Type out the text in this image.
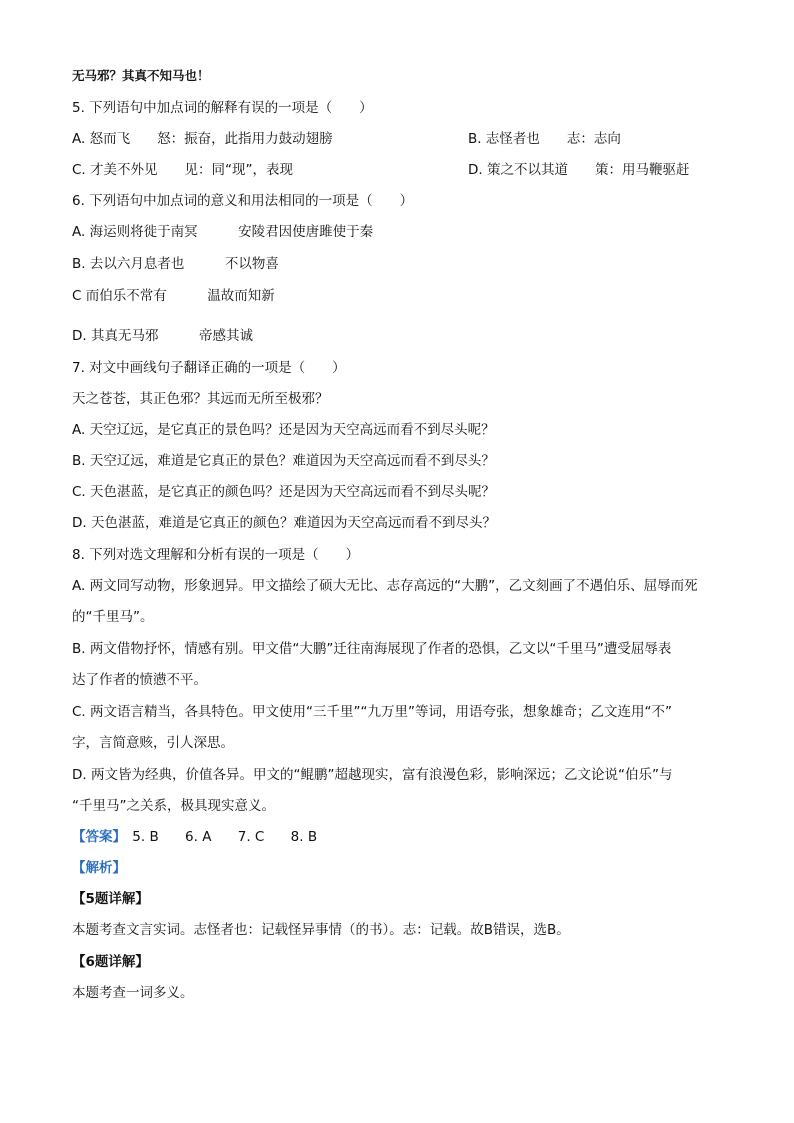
无马邪？其真不知马也！
5. 下列语句中加点词的解释有误的一项是（　　）
A. 怒而飞　　怒：振奋，此指用力鼓动翅膀	B. 志怪者也　　志：志向
C. 才美不外见　　见：同“现”，表现	D. 策之不以其道　　策：用马鞭驱赶
6. 下列语句中加点词的意义和用法相同的一项是（　　）
A. 海运则将徙于南冥　　　安陵君因使唐雎使于秦
B. 去以六月息者也　　　不以物喜
C 而伯乐不常有　　　温故而知新
D. 其真无马邪　　　帝感其诚
7. 对文中画线句子翻译正确的一项是（　　）
天之苍苍，其正色邪？其远而无所至极邪？
A. 天空辽远，是它真正的景色吗？还是因为天空高远而看不到尽头呢？
B. 天空辽远，难道是它真正的景色？难道因为天空高远而看不到尽头？
C. 天色湛蓝，是它真正的颜色吗？还是因为天空高远而看不到尽头呢？
D. 天色湛蓝，难道是它真正的颜色？难道因为天空高远而看不到尽头？
8. 下列对选文理解和分析有误的一项是（　　）
A. 两文同写动物，形象迥异。甲文描绘了硕大无比、志存高远的“大鹏”，乙文刻画了不遇伯乐、屈辱而死
的“千里马”。
B. 两文借物抒怀，情感有别。甲文借“大鹏”迁往南海展现了作者的恐惧，乙文以“千里马”遭受屈辱表
达了作者的愤懑不平。
C. 两文语言精当，各具特色。甲文使用“三千里”“九万里”等词，用语夸张，想象雄奇；乙文连用“不”
字，言简意赅，引人深思。
D. 两文皆为经典，价值各异。甲文的“鲲鹏”超越现实，富有浪漫色彩，影响深远；乙文论说“伯乐”与
“千里马”之关系，极具现实意义。
【答案】 5. B 6. A 7. C 8. B
【解析】
【5题详解】
本题考查文言实词。志怪者也：记载怪异事情（的书）。志：记载。故B错误，选B。
【6题详解】
本题考查一词多义。
